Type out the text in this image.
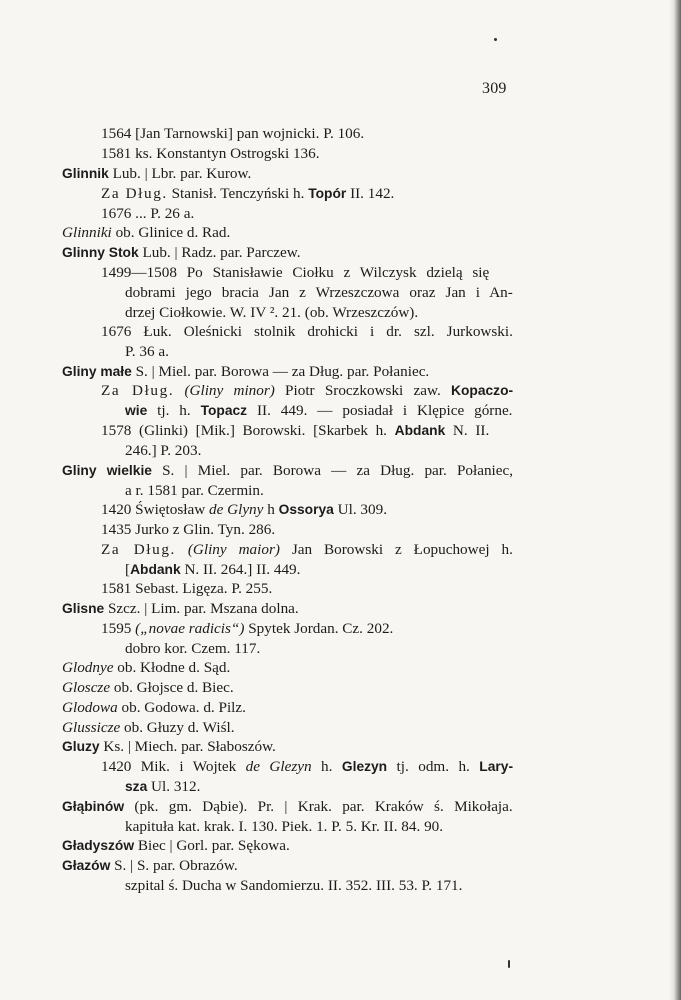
309
1564 [Jan Tarnowski] pan wojnicki. P. 106.
1581 ks. Konstantyn Ostrogski 136.
Glinnik Lub. | Lbr. par. Kurow.
Za Dług. Stanisł. Tenczyński h. Topór II. 142.
1676 ... P. 26 a.
Glinniki ob. Glinice d. Rad.
Glinny Stok Lub. | Radz. par. Parczew.
1499—1508 Po Stanisławie Ciołku z Wilczysk dzielą się
dobrami jego bracia Jan z Wrzeszczowa oraz Jan i An-
drzej Ciołkowie. W. IV ². 21. (ob. Wrzeszczów).
1676 Łuk. Oleśnicki stolnik drohicki i dr. szl. Jurkowski.
P. 36 a.
Gliny małe S. | Miel. par. Borowa — za Dług. par. Połaniec.
Za Dług. (Gliny minor) Piotr Sroczkowski zaw. Kopaczo-
wie tj. h. Topacz II. 449. — posiadał i Klępice górne.
1578 (Glinki) [Mik.] Borowski. [Skarbek h. Abdank N. II.
246.] P. 203.
Gliny wielkie S. | Miel. par. Borowa — za Dług. par. Połaniec,
a r. 1581 par. Czermin.
1420 Świętosław de Glyny h Ossorya Ul. 309.
1435 Jurko z Glin. Tyn. 286.
Za Dług. (Gliny maior) Jan Borowski z Łopuchowej h.
[Abdank N. II. 264.] II. 449.
1581 Sebast. Ligęza. P. 255.
Glisne Szcz. | Lim. par. Mszana dolna.
1595 („novae radicis“) Spytek Jordan. Cz. 202.
dobro kor. Czem. 117.
Glodnye ob. Kłodne d. Sąd.
Gloscze ob. Głojsce d. Biec.
Glodowa ob. Godowa. d. Pilz.
Glussicze ob. Głuzy d. Wiśl.
Gluzy Ks. | Miech. par. Słaboszów.
1420 Mik. i Wojtek de Glezyn h. Glezyn tj. odm. h. Lary-
sza Ul. 312.
Głąbinów (pk. gm. Dąbie). Pr. | Krak. par. Kraków ś. Mikołaja.
kapituła kat. krak. I. 130. Piek. 1. P. 5. Kr. II. 84. 90.
Gładyszów Biec | Gorl. par. Sękowa.
Głazów S. | S. par. Obrazów.
szpital ś. Ducha w Sandomierzu. II. 352. III. 53. P. 171.
